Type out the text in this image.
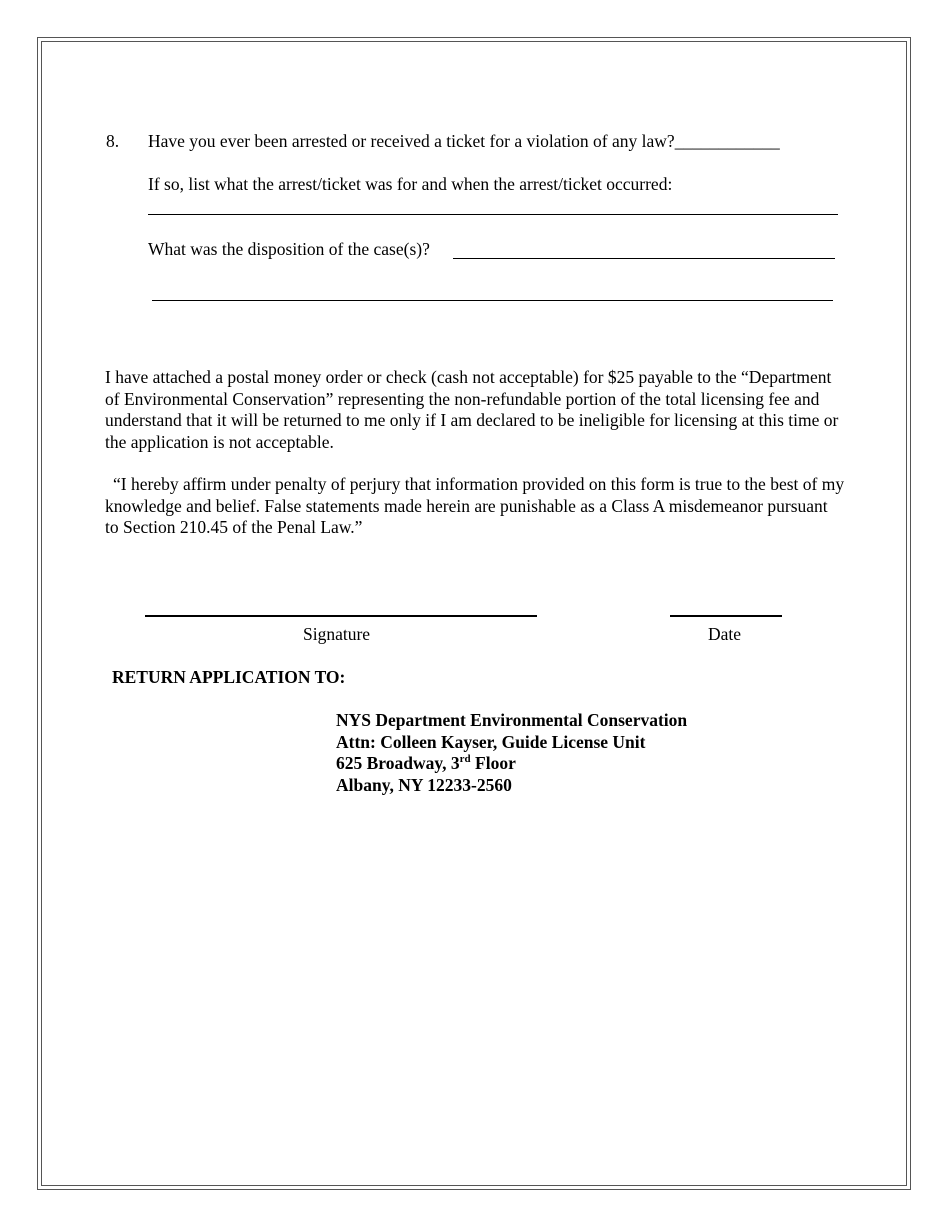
8. Have you ever been arrested or received a ticket for a violation of any law?____________
If so, list what the arrest/ticket was for and when the arrest/ticket occurred:
What was the disposition of the case(s)?

I have attached a postal money order or check (cash not acceptable) for $25 payable to the “Department of Environmental Conservation” representing the non-refundable portion of the total licensing fee and understand that it will be returned to me only if I am declared to be ineligible for licensing at this time or the application is not acceptable.

“I hereby affirm under penalty of perjury that information provided on this form is true to the best of my knowledge and belief. False statements made herein are punishable as a Class A misdemeanor pursuant to Section 210.45 of the Penal Law.”

Signature	Date
RETURN APPLICATION TO:
NYS Department Environmental Conservation
Attn: Colleen Kayser, Guide License Unit
625 Broadway, 3rd Floor
Albany, NY 12233-2560
